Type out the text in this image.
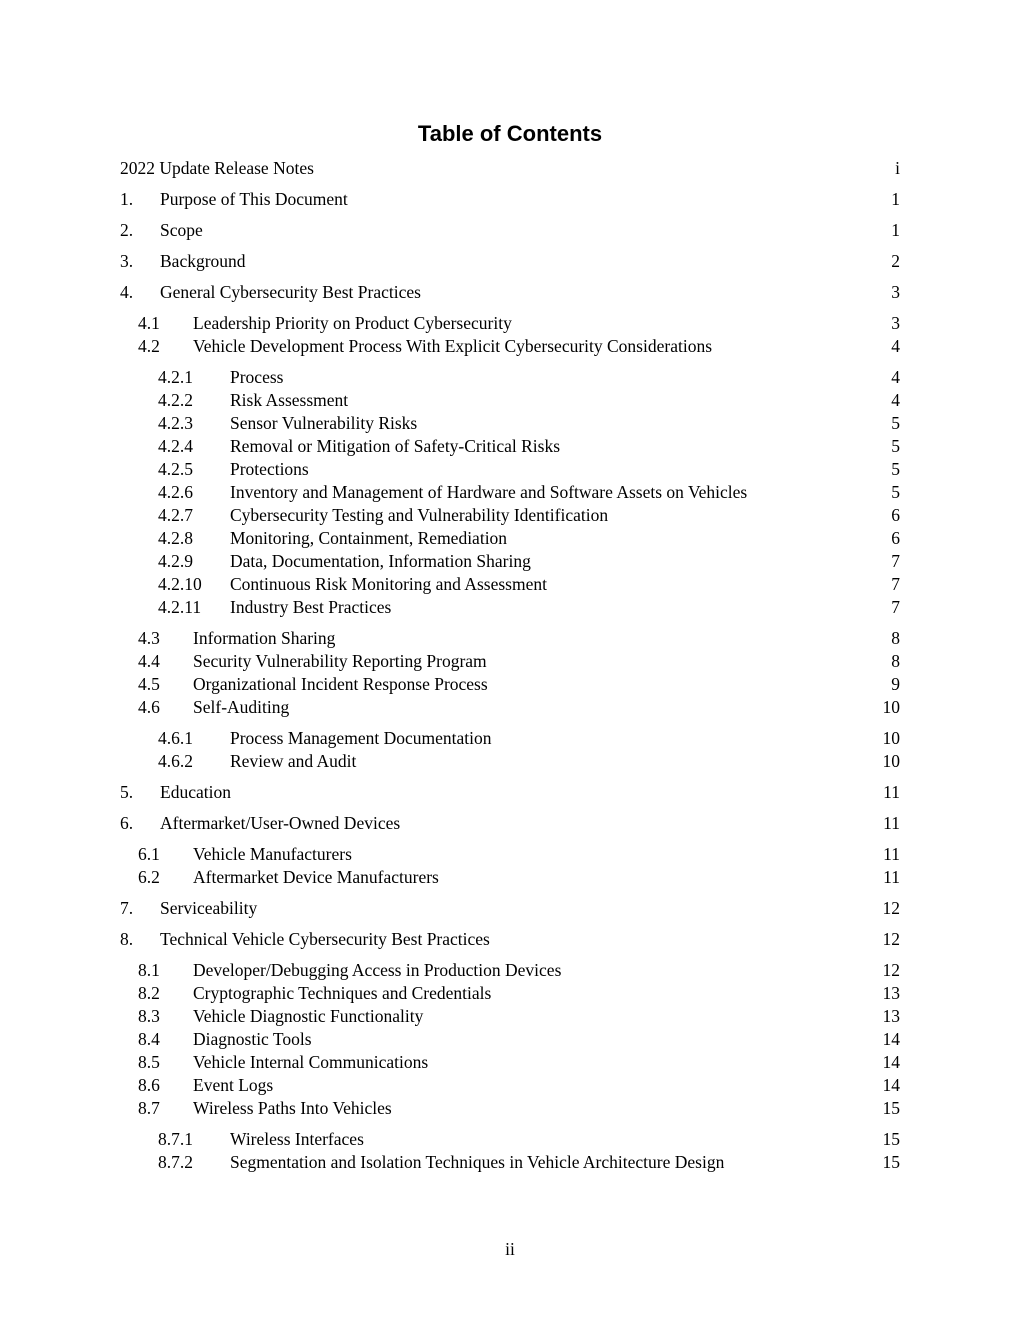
Table of Contents
2022 Update Release Notes	i
1.	Purpose of This Document	1
2.	Scope	1
3.	Background	2
4.	General Cybersecurity Best Practices	3
4.1	Leadership Priority on Product Cybersecurity	3
4.2	Vehicle Development Process With Explicit Cybersecurity Considerations	4
4.2.1	Process	4
4.2.2	Risk Assessment	4
4.2.3	Sensor Vulnerability Risks	5
4.2.4	Removal or Mitigation of Safety-Critical Risks	5
4.2.5	Protections	5
4.2.6	Inventory and Management of Hardware and Software Assets on Vehicles	5
4.2.7	Cybersecurity Testing and Vulnerability Identification	6
4.2.8	Monitoring, Containment, Remediation	6
4.2.9	Data, Documentation, Information Sharing	7
4.2.10	Continuous Risk Monitoring and Assessment	7
4.2.11	Industry Best Practices	7
4.3	Information Sharing	8
4.4	Security Vulnerability Reporting Program	8
4.5	Organizational Incident Response Process	9
4.6	Self-Auditing	10
4.6.1	Process Management Documentation	10
4.6.2	Review and Audit	10
5.	Education	11
6.	Aftermarket/User-Owned Devices	11
6.1	Vehicle Manufacturers	11
6.2	Aftermarket Device Manufacturers	11
7.	Serviceability	12
8.	Technical Vehicle Cybersecurity Best Practices	12
8.1	Developer/Debugging Access in Production Devices	12
8.2	Cryptographic Techniques and Credentials	13
8.3	Vehicle Diagnostic Functionality	13
8.4	Diagnostic Tools	14
8.5	Vehicle Internal Communications	14
8.6	Event Logs	14
8.7	Wireless Paths Into Vehicles	15
8.7.1	Wireless Interfaces	15
8.7.2	Segmentation and Isolation Techniques in Vehicle Architecture Design	15
ii
